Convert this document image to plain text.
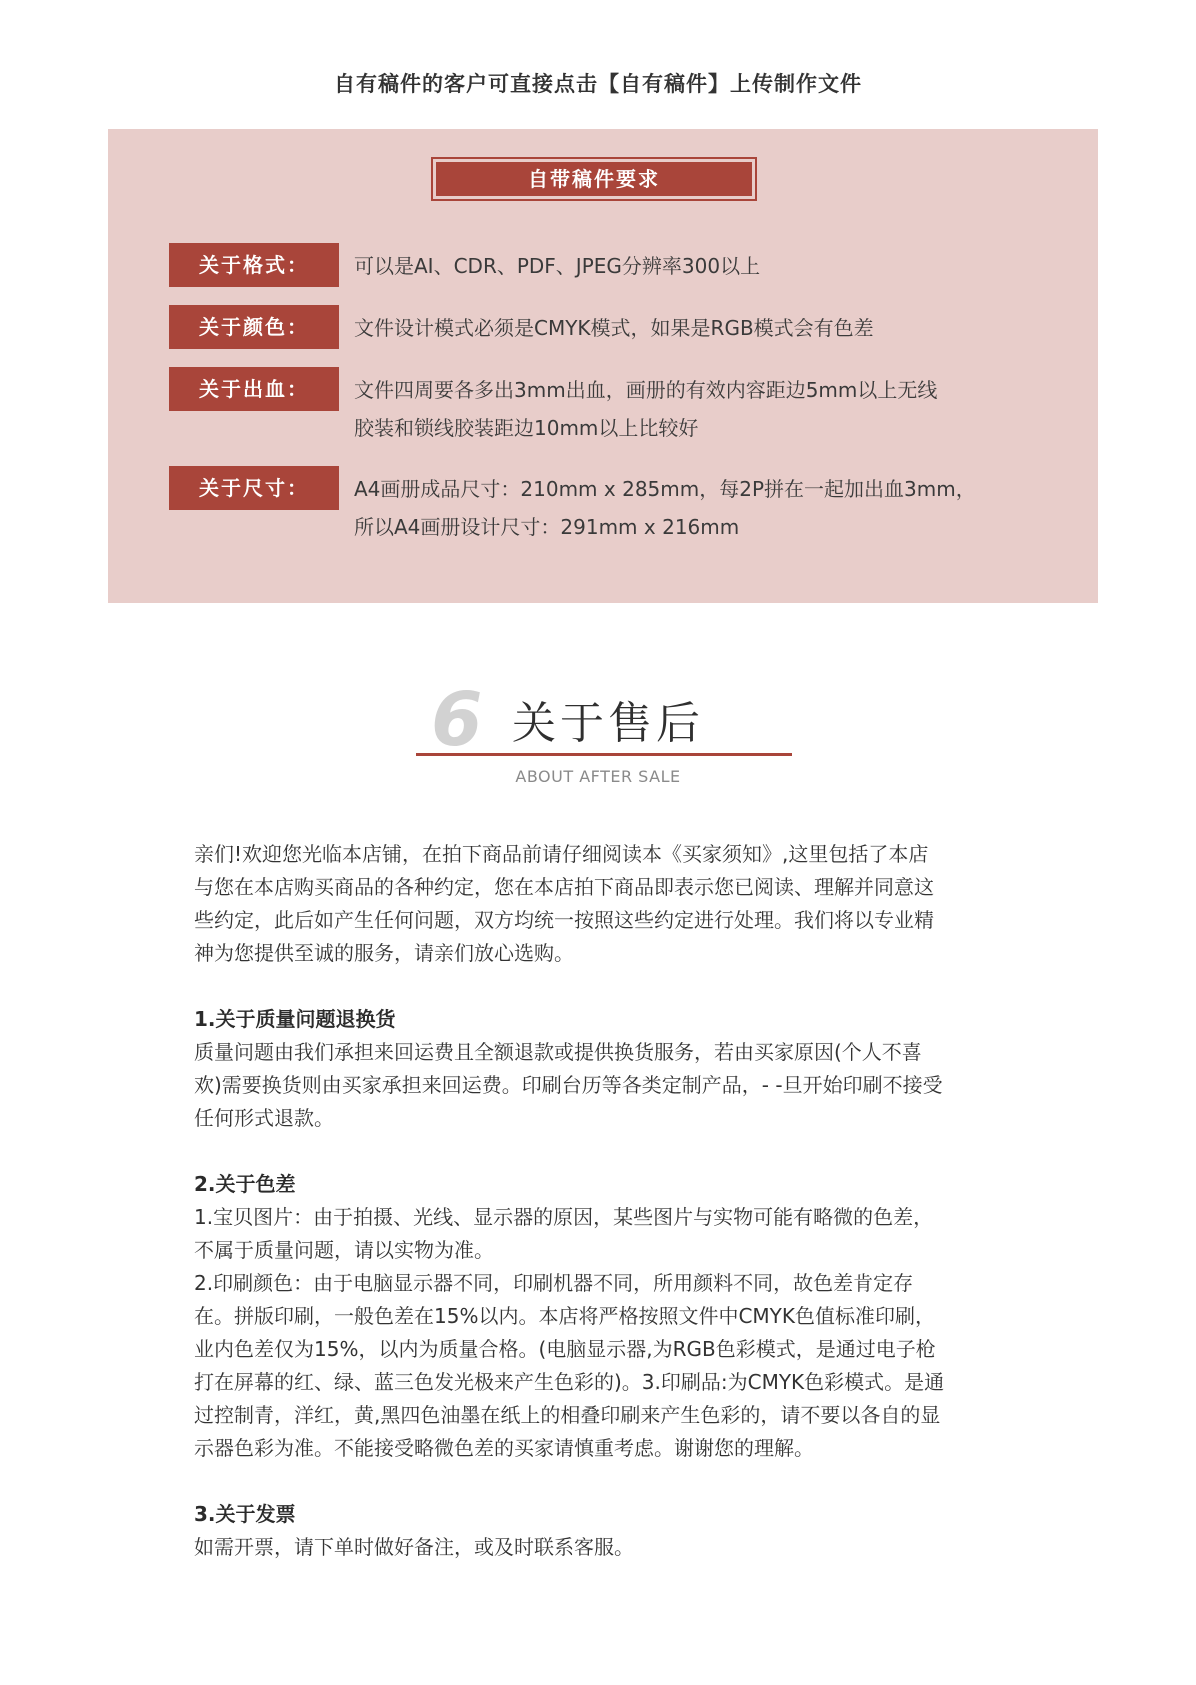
自有稿件的客户可直接点击【自有稿件】上传制作文件
自带稿件要求
关于格式：	可以是AI、CDR、PDF、JPEG分辨率300以上
关于颜色：	文件设计模式必须是CMYK模式，如果是RGB模式会有色差
关于出血：	文件四周要各多出3mm出血，画册的有效内容距边5mm以上无线
胶装和锁线胶装距边10mm以上比较好
关于尺寸：	A4画册成品尺寸：210mm x 285mm，每2P拼在一起加出血3mm，
所以A4画册设计尺寸：291mm x 216mm
6 关于售后
ABOUT AFTER SALE

亲们!欢迎您光临本店铺，在拍下商品前请仔细阅读本《买家须知》,这里包括了本店

与您在本店购买商品的各种约定，您在本店拍下商品即表示您已阅读、理解并同意这

些约定，此后如产生任何问题，双方均统一按照这些约定进行处理。我们将以专业精

神为您提供至诚的服务，请亲们放心选购。

1.关于质量问题退换货

质量问题由我们承担来回运费且全额退款或提供换货服务，若由买家原因(个人不喜

欢)需要换货则由买家承担来回运费。印刷台历等各类定制产品，- -旦开始印刷不接受

任何形式退款。

2.关于色差

1.宝贝图片：由于拍摄、光线、显示器的原因，某些图片与实物可能有略微的色差，

不属于质量问题，请以实物为准。

2.印刷颜色：由于电脑显示器不同，印刷机器不同，所用颜料不同，故色差肯定存

在。拼版印刷，一般色差在15%以内。本店将严格按照文件中CMYK色值标准印刷，

业内色差仅为15%，以内为质量合格。(电脑显示器,为RGB色彩模式，是通过电子枪

打在屏幕的红、绿、蓝三色发光极来产生色彩的)。3.印刷品:为CMYK色彩模式。是通

过控制青，洋红，黄,黑四色油墨在纸上的相叠印刷来产生色彩的，请不要以各自的显

示器色彩为准。不能接受略微色差的买家请慎重考虑。谢谢您的理解。

3.关于发票

如需开票，请下单时做好备注，或及时联系客服。
